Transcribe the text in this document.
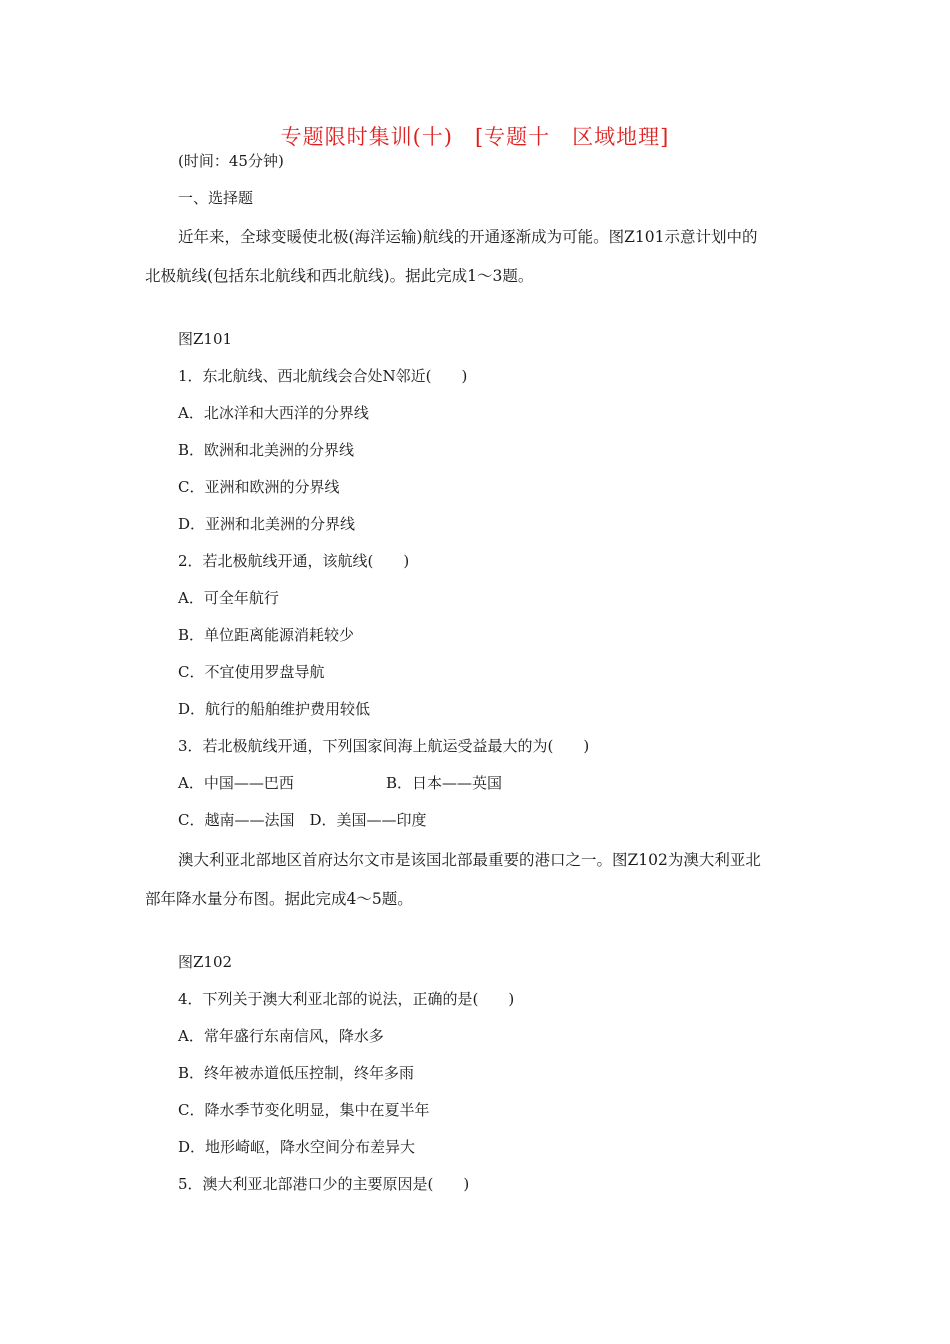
专题限时集训(十)　[专题十　区域地理]
(时间：45分钟)
一、选择题
近年来，全球变暖使北极(海洋运输)航线的开通逐渐成为可能。图Z101示意计划中的
北极航线(包括东北航线和西北航线)。据此完成1～3题。
图Z101
1．东北航线、西北航线会合处N邻近(　　)
A．北冰洋和大西洋的分界线
B．欧洲和北美洲的分界线
C．亚洲和欧洲的分界线
D．亚洲和北美洲的分界线
2．若北极航线开通，该航线(　　)
A．可全年航行
B．单位距离能源消耗较少
C．不宜使用罗盘导航
D．航行的船舶维护费用较低
3．若北极航线开通，下列国家间海上航运受益最大的为(　　)
A．中国——巴西	B．日本——英国
C．越南——法国　D．美国——印度
澳大利亚北部地区首府达尔文市是该国北部最重要的港口之一。图Z102为澳大利亚北
部年降水量分布图。据此完成4～5题。
图Z102
4．下列关于澳大利亚北部的说法，正确的是(　　)
A．常年盛行东南信风，降水多
B．终年被赤道低压控制，终年多雨
C．降水季节变化明显，集中在夏半年
D．地形崎岖，降水空间分布差异大
5．澳大利亚北部港口少的主要原因是(　　)
